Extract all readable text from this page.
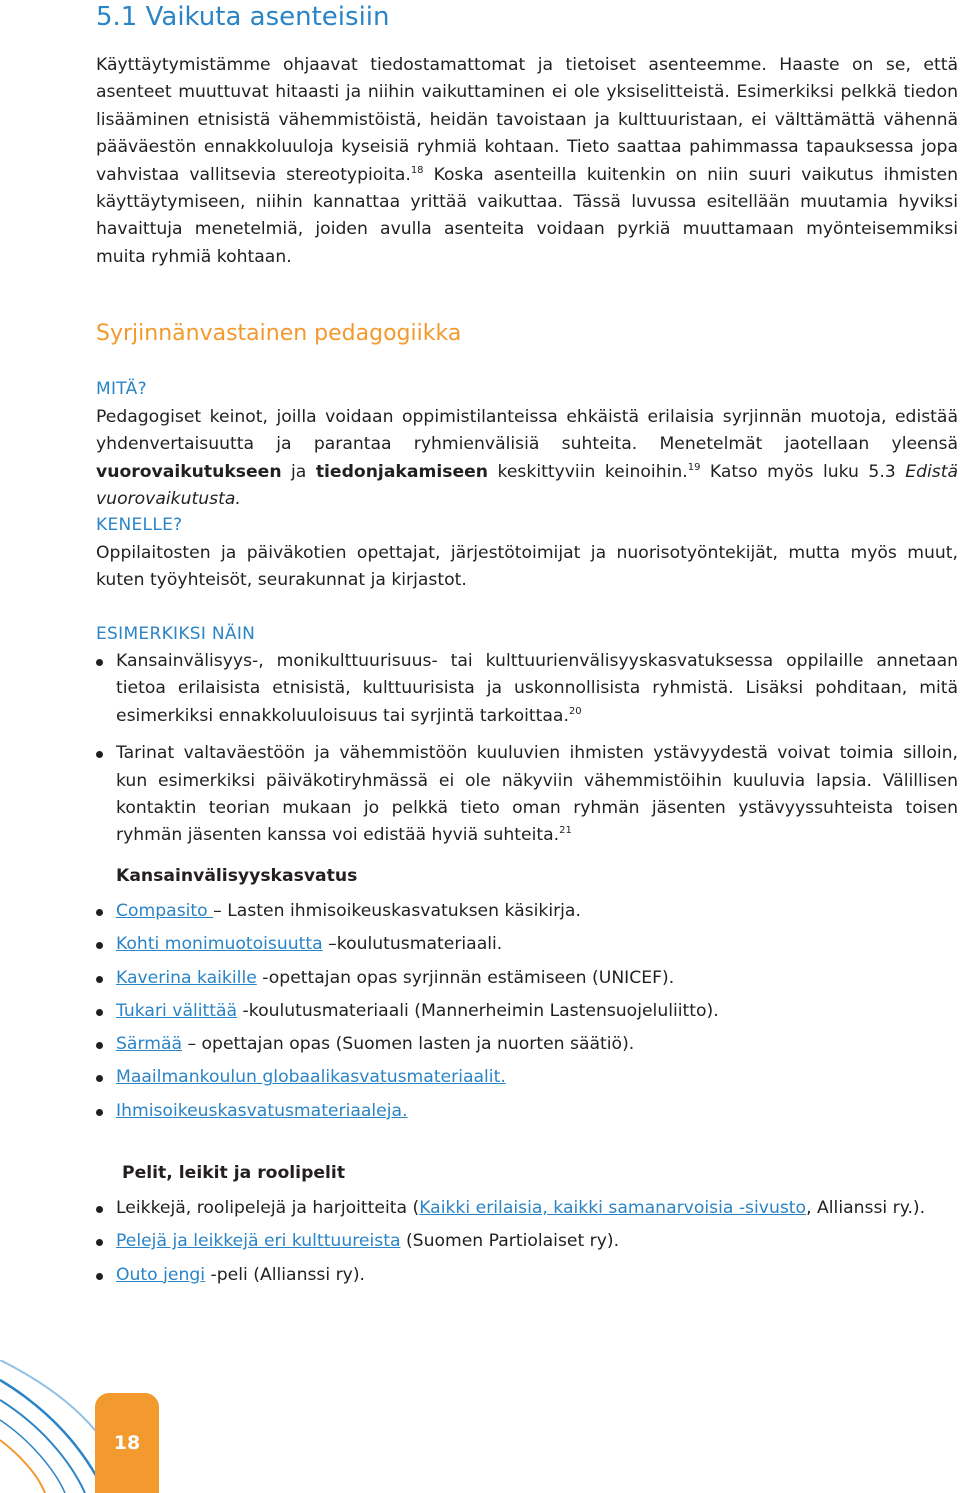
5.1 Vaikuta asenteisiin
Käyttäytymistämme ohjaavat tiedostamattomat ja tietoiset asenteemme. Haaste on se, että asenteet muuttuvat hitaasti ja niihin vaikuttaminen ei ole yksiselitteistä. Esimerkiksi pelkkä tiedon lisääminen etnisistä vähemmistöistä, heidän tavoistaan ja kulttuuristaan, ei välttämättä vähennä pääväestön ennakkoluuloja kyseisiä ryhmiä kohtaan. Tieto saattaa pahimmassa tapauksessa jopa vahvistaa vallitsevia stereotypioita.$^{18}$ Koska asenteilla kuitenkin on niin suuri vaikutus ihmisten käyttäytymiseen, niihin kannattaa yrittää vaikuttaa. Tässä luvussa esitellään muutamia hyviksi havaittuja menetelmiä, joiden avulla asenteita voidaan pyrkiä muuttamaan myönteisemmiksi muita ryhmiä kohtaan.
Syrjinnänvastainen pedagogiikka
MITÄ?
Pedagogiset keinot, joilla voidaan oppimistilanteissa ehkäistä erilaisia syrjinnän muotoja, edistää yhdenvertaisuutta ja parantaa ryhmienvälisiä suhteita. Menetelmät jaotellaan yleensä vuorovaikutukseen ja tiedonjakamiseen keskittyviin keinoihin.$^{19}$ Katso myös luku 5.3 Edistä vuorovaikutusta.
KENELLE?
Oppilaitosten ja päiväkotien opettajat, järjestötoimijat ja nuorisotyöntekijät, mutta myös muut, kuten työyhteisöt, seurakunnat ja kirjastot.
ESIMERKIKSI NÄIN
Kansainvälisyys-, monikulttuurisuus- tai kulttuurienvälisyyskasvatuksessa oppilaille annetaan tietoa erilaisista etnisistä, kulttuurisista ja uskonnollisista ryhmistä. Lisäksi pohditaan, mitä esimerkiksi ennakkoluuloisuus tai syrjintä tarkoittaa.$^{20}$
Tarinat valtaväestöön ja vähemmistöön kuuluvien ihmisten ystävyydestä voivat toimia silloin, kun esimerkiksi päiväkotiryhmässä ei ole näkyviin vähemmistöihin kuuluvia lapsia. Välillisen kontaktin teorian mukaan jo pelkkä tieto oman ryhmän jäsenten ystävyyssuhteista toisen ryhmän jäsenten kanssa voi edistää hyviä suhteita.$^{21}$
Kansainvälisyyskasvatus
Compasito – Lasten ihmisoikeuskasvatuksen käsikirja.
Kohti monimuotoisuutta –koulutusmateriaali.
Kaverina kaikille -opettajan opas syrjinnän estämiseen (UNICEF).
Tukari välittää -koulutusmateriaali (Mannerheimin Lastensuojeluliitto).
Särmää – opettajan opas (Suomen lasten ja nuorten säätiö).
Maailmankoulun globaalikasvatusmateriaalit.
Ihmisoikeuskasvatusmateriaaleja.
Pelit, leikit ja roolipelit
Leikkejä, roolipelejä ja harjoitteita (Kaikki erilaisia, kaikki samanarvoisia -sivusto, Allianssi ry.).
Pelejä ja leikkejä eri kulttuureista (Suomen Partiolaiset ry).
Outo jengi -peli (Allianssi ry).
18
